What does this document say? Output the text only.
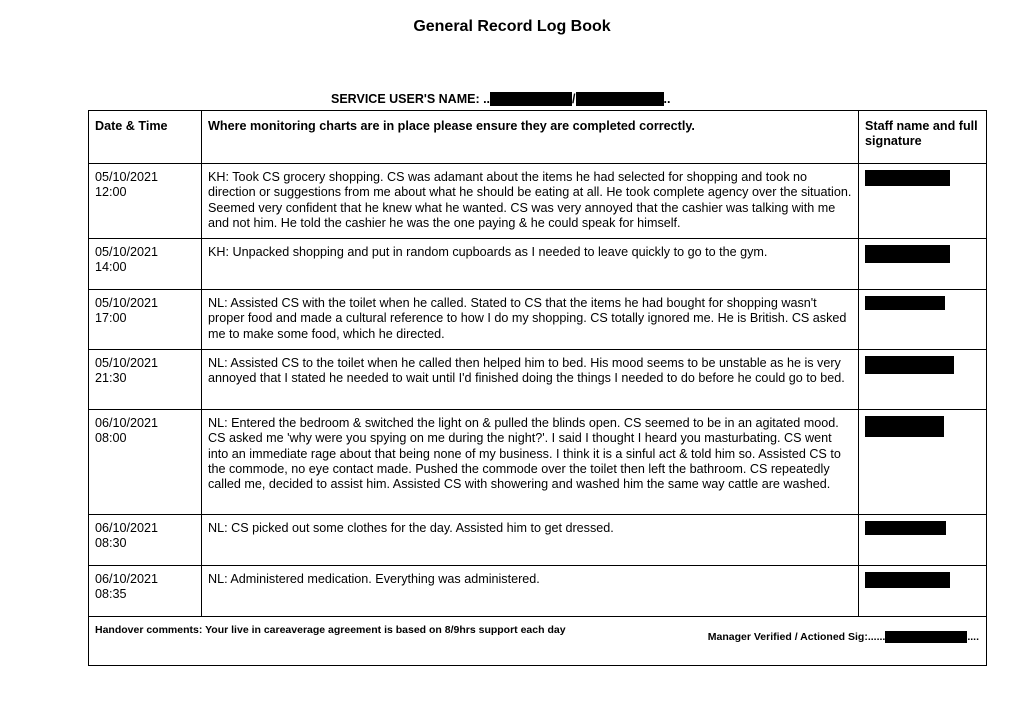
General Record Log Book
SERVICE USER'S NAME: ..	/	..
Date & Time	Where monitoring charts are in place please ensure they are completed correctly.	Staff name and full signature
05/10/2021
12:00	KH: Took CS grocery shopping. CS was adamant about the items he had selected for shopping and took no direction or suggestions from me about what he should be eating at all. He took complete agency over the situation. Seemed very confident that he knew what he wanted. CS was very annoyed that the cashier was talking with me and not him. He told the cashier he was the one paying & he could speak for himself.	

05/10/2021
14:00	KH: Unpacked shopping and put in random cupboards as I needed to leave quickly to go to the gym.	

05/10/2021
17:00	NL: Assisted CS with the toilet when he called. Stated to CS that the items he had bought for shopping wasn't proper food and made a cultural reference to how I do my shopping. CS totally ignored me. He is British. CS asked me to make some food, which he directed.	

05/10/2021
21:30	NL: Assisted CS to the toilet when he called then helped him to bed. His mood seems to be unstable as he is very annoyed that I stated he needed to wait until I'd finished doing the things I needed to do before he could go to bed.	

06/10/2021
08:00	NL: Entered the bedroom & switched the light on & pulled the blinds open. CS seemed to be in an agitated mood. CS asked me 'why were you spying on me during the night?'. I said I thought I heard you masturbating. CS went into an immediate rage about that being none of my business. I think it is a sinful act & told him so. Assisted CS to the commode, no eye contact made. Pushed the commode over the toilet then left the bathroom. CS repeatedly called me, decided to assist him. Assisted CS with showering and washed him the same way cattle are washed.	

06/10/2021
08:30	NL: CS picked out some clothes for the day. Assisted him to get dressed.	

06/10/2021
08:35	NL: Administered medication. Everything was administered.	

Handover comments: Your live in careaverage agreement is based on 8/9hrs support each day
Manager Verified / Actioned Sig:...... ....		
